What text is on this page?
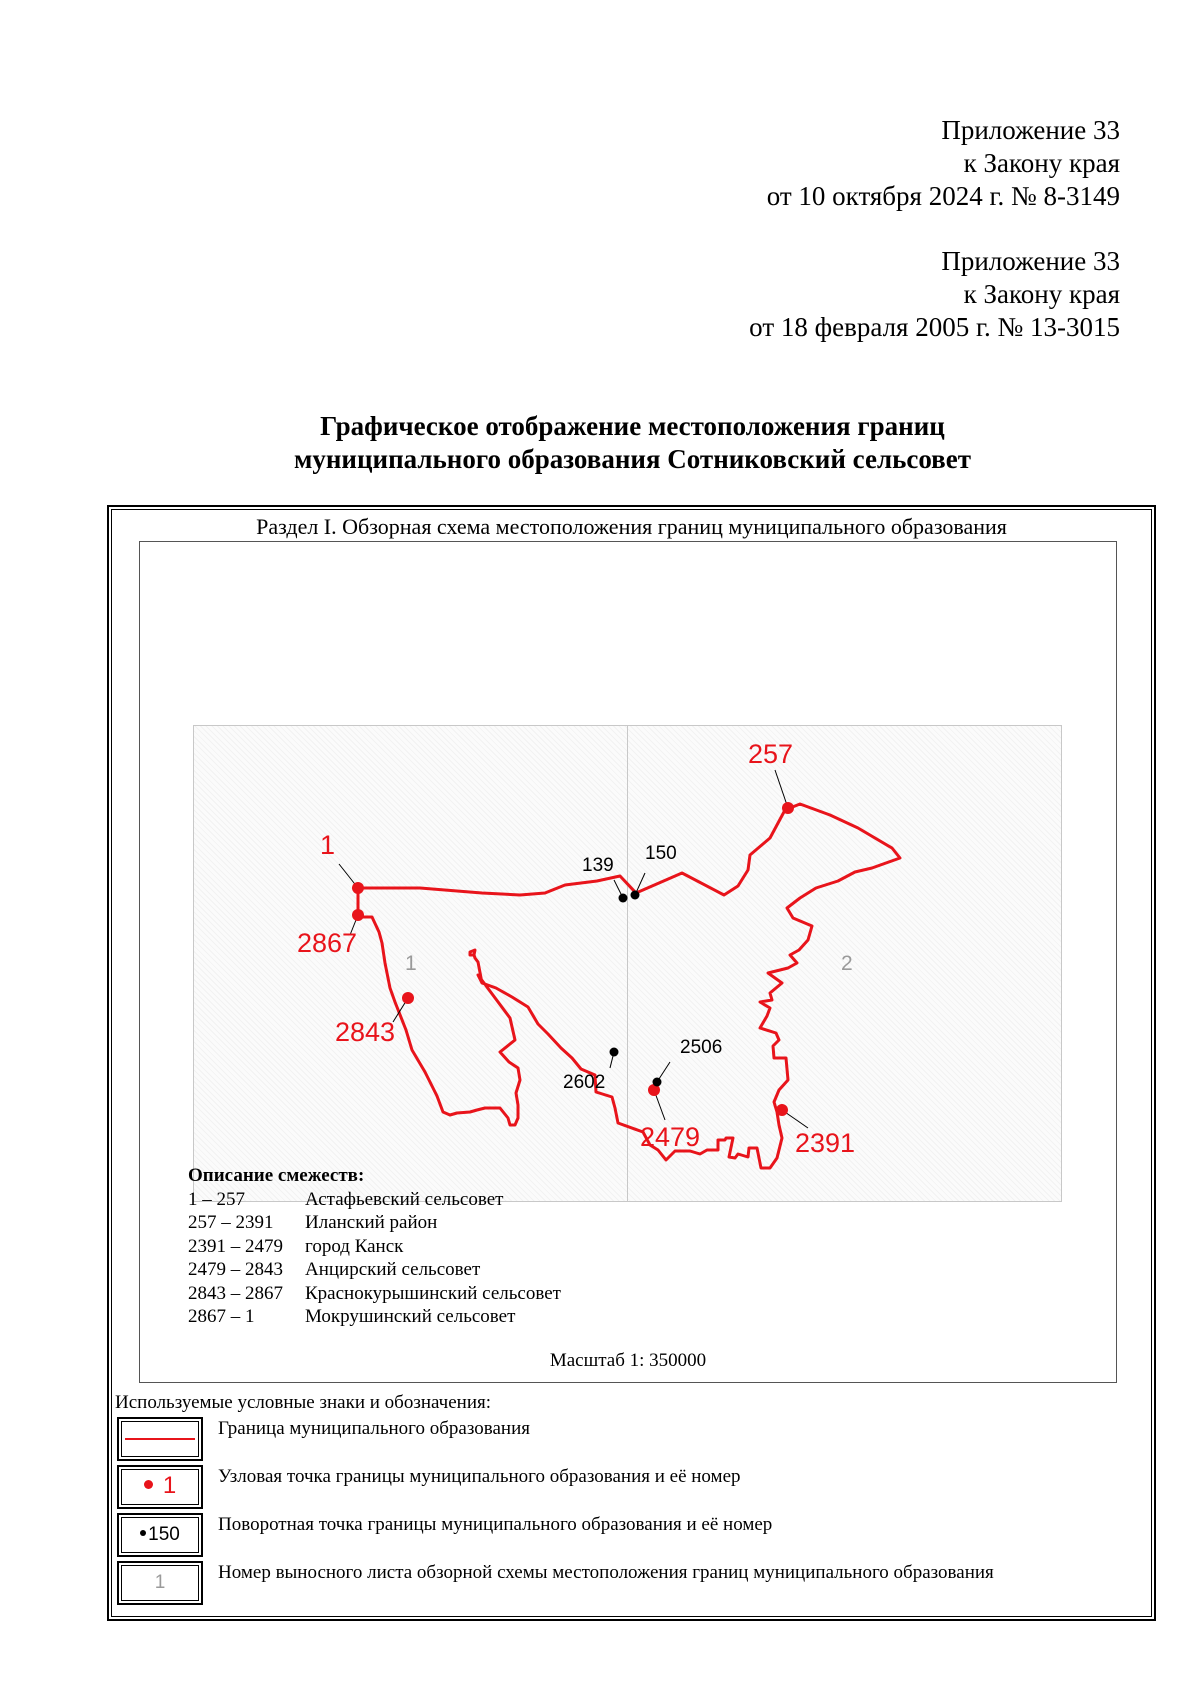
Приложение 33
к Закону края
от 10 октября 2024 г. № 8-3149
Приложение 33
к Закону края
от 18 февраля 2005 г. № 13-3015
Графическое отображение местоположения границ
муниципального образования Сотниковский сельсовет
Раздел I. Обзорная схема местоположения границ муниципального образования
1
257
2391
2479
2843
2867
139
150
2506
2602
1	2
Описание смежеств:
1 – 257	Астафьевский сельсовет
257 – 2391	Иланский район
2391 – 2479	город Канск
2479 – 2843	Анцирский сельсовет
2843 – 2867	Краснокурышинский сельсовет
2867 – 1	Мокрушинский сельсовет
Масштаб 1: 350000
Используемые условные знаки и обозначения:
Граница муниципального образования
1	Узловая точка границы муниципального образования и её номер
150	Поворотная точка границы муниципального образования и её номер
1	Номер выносного листа обзорной схемы местоположения границ муниципального образования
